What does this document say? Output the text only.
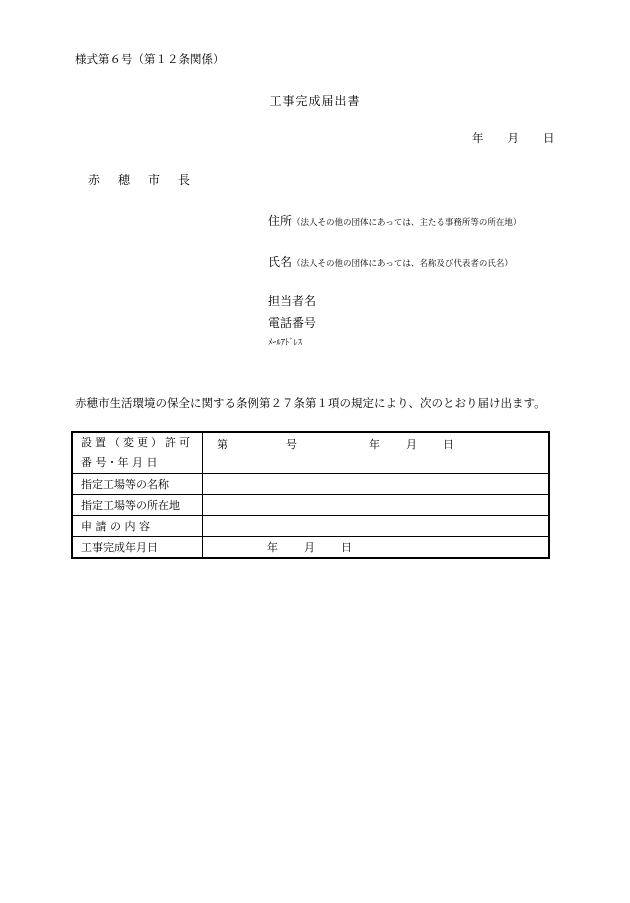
様式第６号（第１２条関係）
工事完成届出書
年 月 日
赤 穂 市 長
住所（法人その他の団体にあっては、主たる事務所等の所在地）
氏名（法人その他の団体にあっては、名称及び代表者の氏名）
担当者名
電話番号
ﾒｰﾙｱﾄﾞﾚｽ
赤穂市生活環境の保全に関する条例第２７条第１項の規定により、次のとおり届け出ます。
設置（変更）許可
番 号・年 月 日	第 号 年 月 日
指定工場等の名称	
指定工場等の所在地	
申 請 の 内 容	
工事完成年月日	年 月 日
